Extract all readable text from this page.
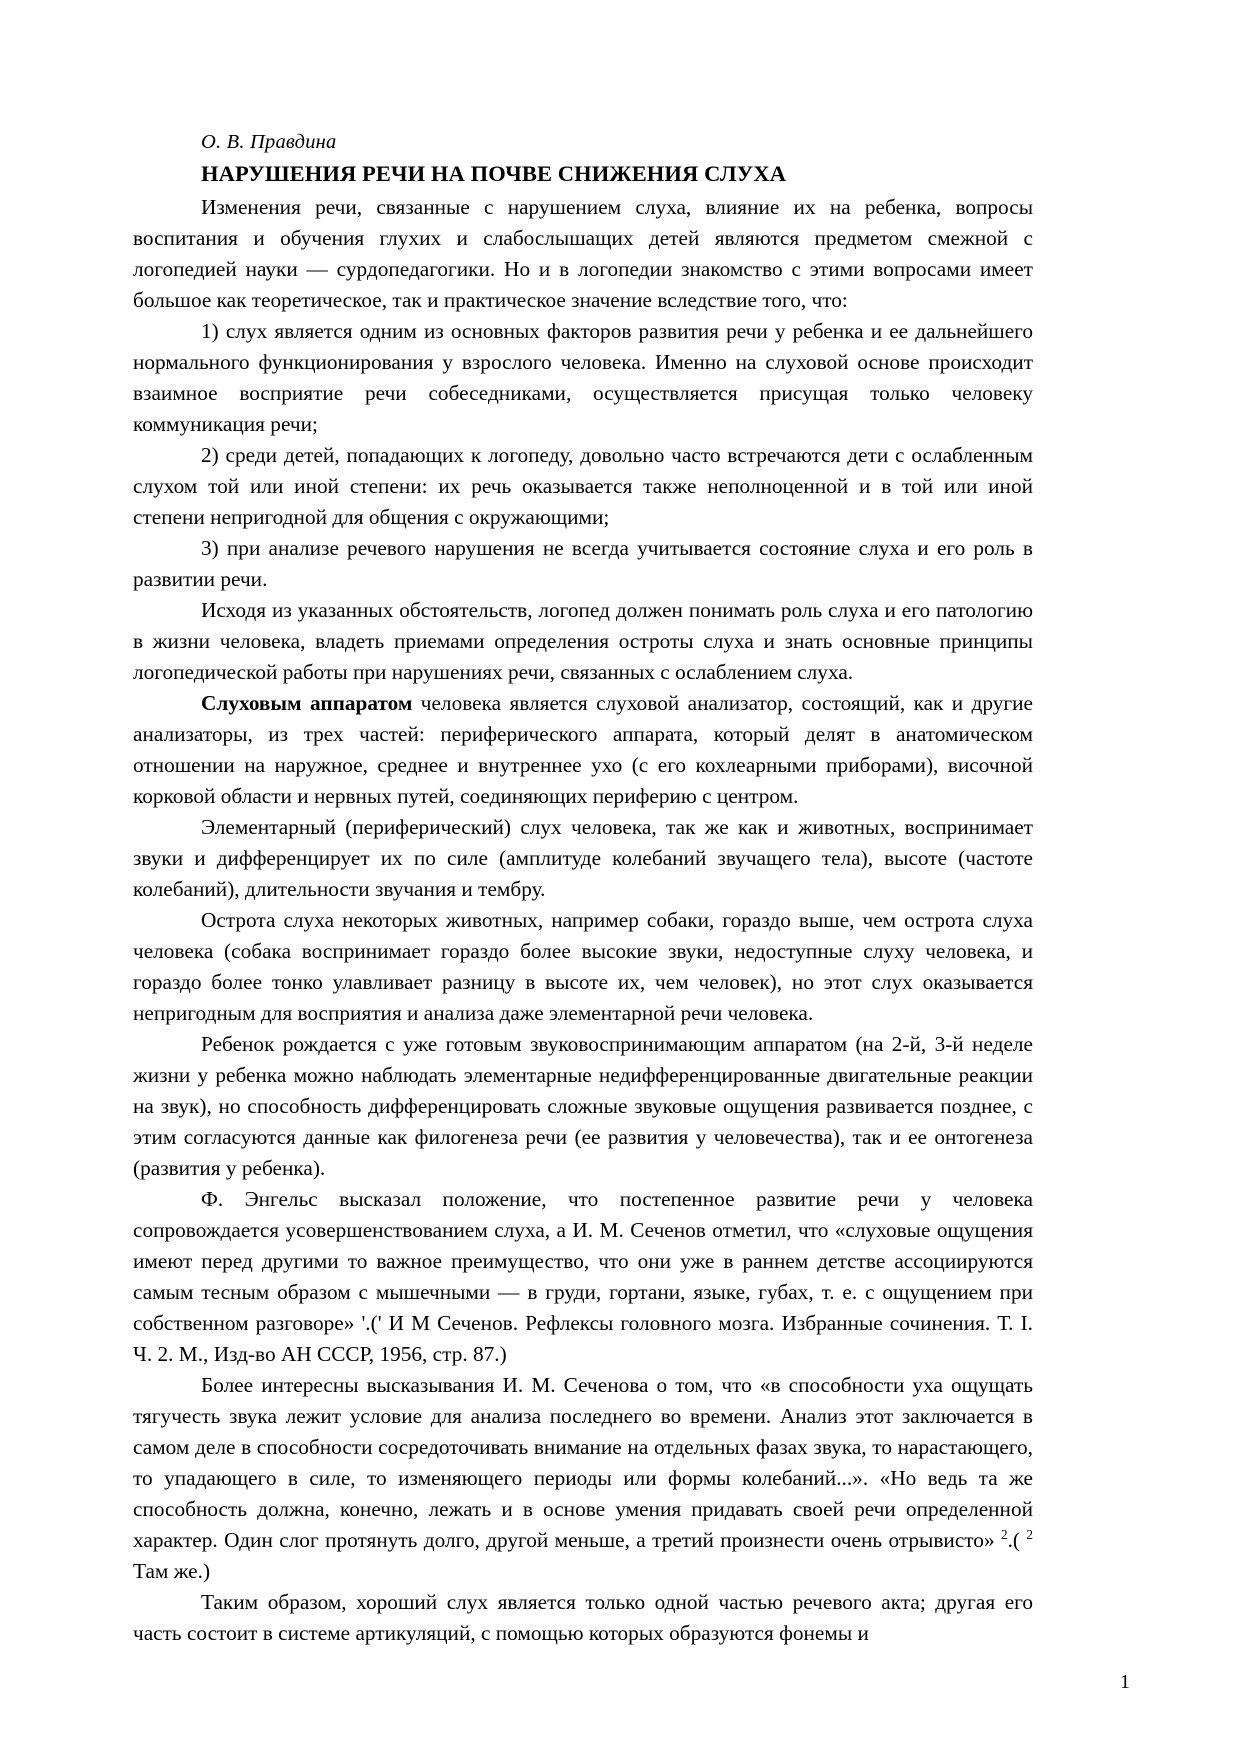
О. В. Правдина
НАРУШЕНИЯ РЕЧИ НА ПОЧВЕ СНИЖЕНИЯ СЛУХА

Изменения речи, связанные с нарушением слуха, влияние их на ребенка, вопросы воспитания и обучения глухих и слабослышащих детей являются предметом смежной с логопедией науки — сурдопедагогики. Но и в логопедии знакомство с этими вопросами имеет большое как теоретическое, так и практическое значение вследствие того, что:

1) слух является одним из основных факторов развития речи у ребенка и ее дальнейшего нормального функционирования у взрослого человека. Именно на слуховой основе происходит взаимное восприятие речи собеседниками, осуществляется присущая только человеку коммуникация речи;

2) среди детей, попадающих к логопеду, довольно часто встречаются дети с ослабленным слухом той или иной степени: их речь оказывается также неполноценной и в той или иной степени непригодной для общения с окружающими;

3) при анализе речевого нарушения не всегда учитывается состояние слуха и его роль в развитии речи.

Исходя из указанных обстоятельств, логопед должен понимать роль слуха и его патологию в жизни человека, владеть приемами определения остроты слуха и знать основные принципы логопедической работы при нарушениях речи, связанных с ослаблением слуха.

Слуховым аппаратом человека является слуховой анализатор, состоящий, как и другие анализаторы, из трех частей: периферического аппарата, который делят в анатомическом отношении на наружное, среднее и внутреннее ухо (с его кохлеарными приборами), височной корковой области и нервных путей, соединяющих периферию с центром.

Элементарный (периферический) слух человека, так же как и животных, воспринимает звуки и дифференцирует их по силе (амплитуде колебаний звучащего тела), высоте (частоте колебаний), длительности звучания и тембру.

Острота слуха некоторых животных, например собаки, гораздо выше, чем острота слуха человека (собака воспринимает гораздо более высокие звуки, недоступные слуху человека, и гораздо более тонко улавливает разницу в высоте их, чем человек), но этот слух оказывается непригодным для восприятия и анализа даже элементарной речи человека.

Ребенок рождается с уже готовым звуковоспринимающим аппаратом (на 2-й, 3-й неделе жизни у ребенка можно наблюдать элементарные недифференцированные двигательные реакции на звук), но способность дифференцировать сложные звуковые ощущения развивается позднее, с этим согласуются данные как филогенеза речи (ее развития у человечества), так и ее онтогенеза (развития у ребенка).

Ф. Энгельс высказал положение, что постепенное развитие речи у человека сопровождается усовершенствованием слуха, а И. М. Сеченов отметил, что «слуховые ощущения имеют перед другими то важное преимущество, что они уже в раннем детстве ассоциируются самым тесным образом с мышечными — в груди, гортани, языке, губах, т. е. с ощущением при собственном разговоре» '.(' И М Сеченов. Рефлексы головного мозга. Избранные сочинения. Т. I. Ч. 2. М., Изд-во АН СССР, 1956, стр. 87.)

Более интересны высказывания И. М. Сеченова о том, что «в способности уха ощущать тягучесть звука лежит условие для анализа последнего во времени. Анализ этот заключается в самом деле в способности сосредоточивать внимание на отдельных фазах звука, то нарастающего, то упадающего в силе, то изменяющего периоды или формы колебаний...». «Но ведь та же способность должна, конечно, лежать и в основе умения придавать своей речи определенной характер. Один слог протянуть долго, другой меньше, а третий произнести очень отрывисто» $^2$.( $^2$ Там же.)

Таким образом, хороший слух является только одной частью речевого акта; другая его часть состоит в системе артикуляций, с помощью которых образуются фонемы и

1
